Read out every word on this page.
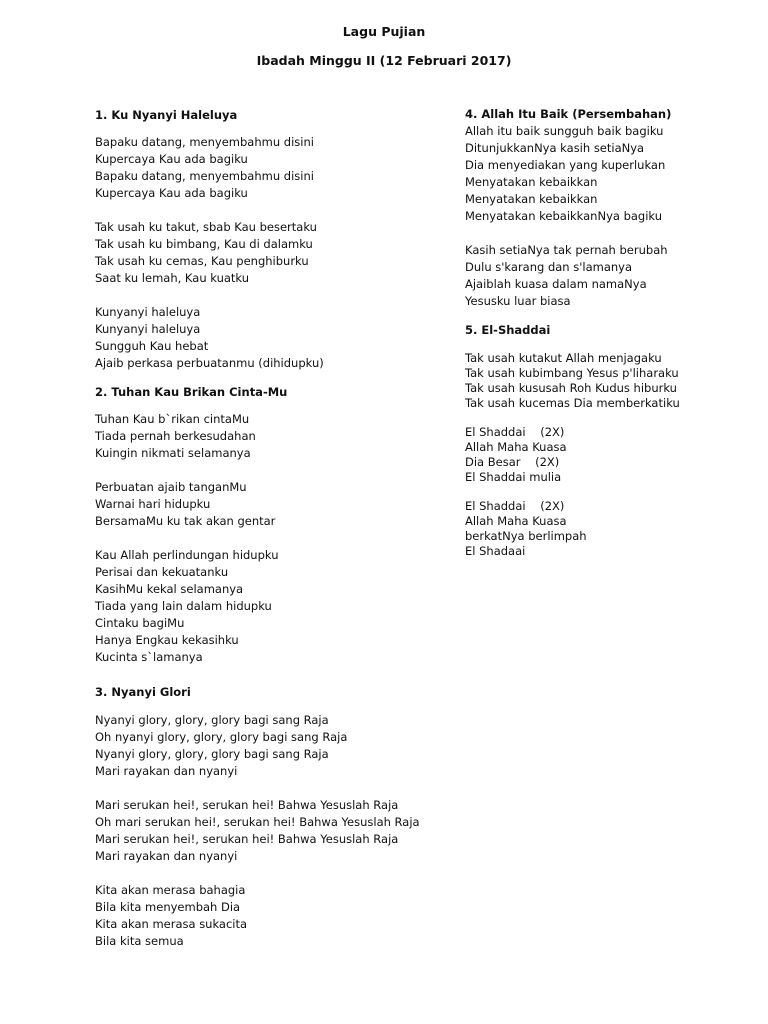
Lagu Pujian
Ibadah Minggu II (12 Februari 2017)
1. Ku Nyanyi Haleluya
Bapaku datang, menyembahmu disini
Kupercaya Kau ada bagiku
Bapaku datang, menyembahmu disini
Kupercaya Kau ada bagiku
Tak usah ku takut, sbab Kau besertaku
Tak usah ku bimbang, Kau di dalamku
Tak usah ku cemas, Kau penghiburku
Saat ku lemah, Kau kuatku
Kunyanyi haleluya
Kunyanyi haleluya
Sungguh Kau hebat
Ajaib perkasa perbuatanmu (dihidupku)
2. Tuhan Kau Brikan Cinta-Mu
Tuhan Kau b`rikan cintaMu
Tiada pernah berkesudahan
Kuingin nikmati selamanya
Perbuatan ajaib tanganMu
Warnai hari hidupku
BersamaMu ku tak akan gentar
Kau Allah perlindungan hidupku
Perisai dan kekuatanku
KasihMu kekal selamanya
Tiada yang lain dalam hidupku
Cintaku bagiMu
Hanya Engkau kekasihku
Kucinta s`lamanya
3. Nyanyi Glori
Nyanyi glory, glory, glory bagi sang Raja
Oh nyanyi glory, glory, glory bagi sang Raja
Nyanyi glory, glory, glory bagi sang Raja
Mari rayakan dan nyanyi
Mari serukan hei!, serukan hei! Bahwa Yesuslah Raja
Oh mari serukan hei!, serukan hei! Bahwa Yesuslah Raja
Mari serukan hei!, serukan hei! Bahwa Yesuslah Raja
Mari rayakan dan nyanyi
Kita akan merasa bahagia
Bila kita menyembah Dia
Kita akan merasa sukacita
Bila kita semua
4. Allah Itu Baik (Persembahan)
Allah itu baik sungguh baik bagiku
DitunjukkanNya kasih setiaNya
Dia menyediakan yang kuperlukan
Menyatakan kebaikkan
Menyatakan kebaikkan
Menyatakan kebaikkanNya bagiku
Kasih setiaNya tak pernah berubah
Dulu s'karang dan s'lamanya
Ajaiblah kuasa dalam namaNya
Yesusku luar biasa
5. El-Shaddai
Tak usah kutakut Allah menjagaku
Tak usah kubimbang Yesus p'liharaku
Tak usah kususah Roh Kudus hiburku
Tak usah kucemas Dia memberkatiku
El Shaddai    (2X)
Allah Maha Kuasa
Dia Besar    (2X)
El Shaddai mulia
El Shaddai    (2X)
Allah Maha Kuasa
berkatNya berlimpah
El Shadaai
